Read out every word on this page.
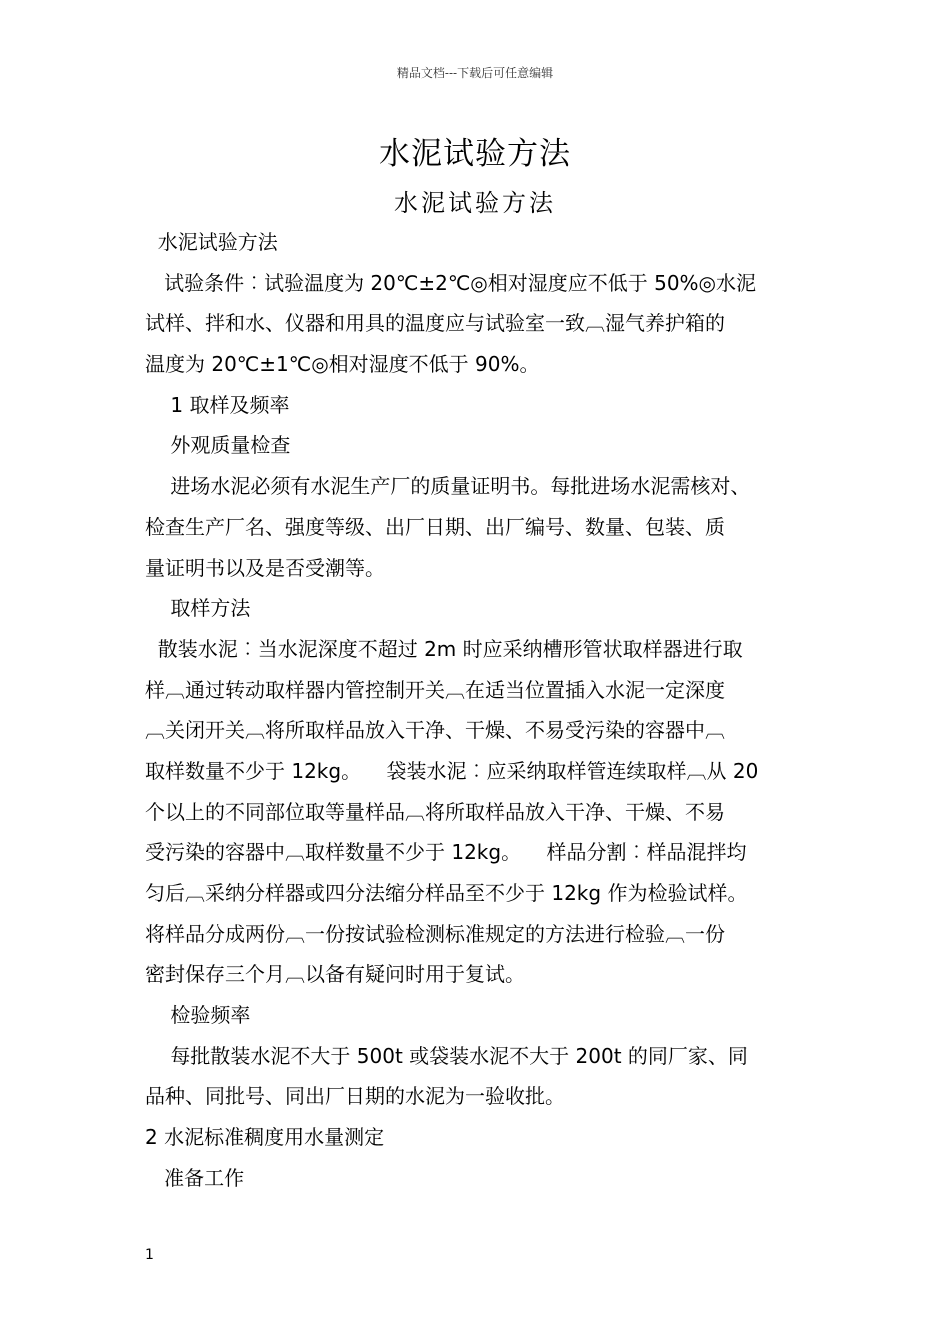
精品文档---下载后可任意编辑
水泥试验方法
水泥试验方法
水泥试验方法
试验条件︰试验温度为 20℃±2℃◎相对湿度应不低于 50%◎水泥
试样、拌和水、仪器和用具的温度应与试验室一致︹湿气养护箱的
温度为 20℃±1℃◎相对湿度不低于 90%。
1 取样及频率
外观质量检查
进场水泥必须有水泥生产厂的质量证明书。每批进场水泥需核对、
检查生产厂名、强度等级、出厂日期、出厂编号、数量、包装、质
量证明书以及是否受潮等。
取样方法
散装水泥︰当水泥深度不超过 2m 时应采纳槽形管状取样器进行取
样︹通过转动取样器内管控制开关︹在适当位置插入水泥一定深度
︹关闭开关︹将所取样品放入干净、干燥、不易受污染的容器中︹
取样数量不少于 12kg。    袋装水泥︰应采纳取样管连续取样︹从 20
个以上的不同部位取等量样品︹将所取样品放入干净、干燥、不易
受污染的容器中︹取样数量不少于 12kg。    样品分割︰样品混拌均
匀后︹采纳分样器或四分法缩分样品至不少于 12kg 作为检验试样。
将样品分成两份︹一份按试验检测标准规定的方法进行检验︹一份
密封保存三个月︹以备有疑问时用于复试。
检验频率
每批散装水泥不大于 500t 或袋装水泥不大于 200t 的同厂家、同
品种、同批号、同出厂日期的水泥为一验收批。
2 水泥标准稠度用水量测定
准备工作
1
